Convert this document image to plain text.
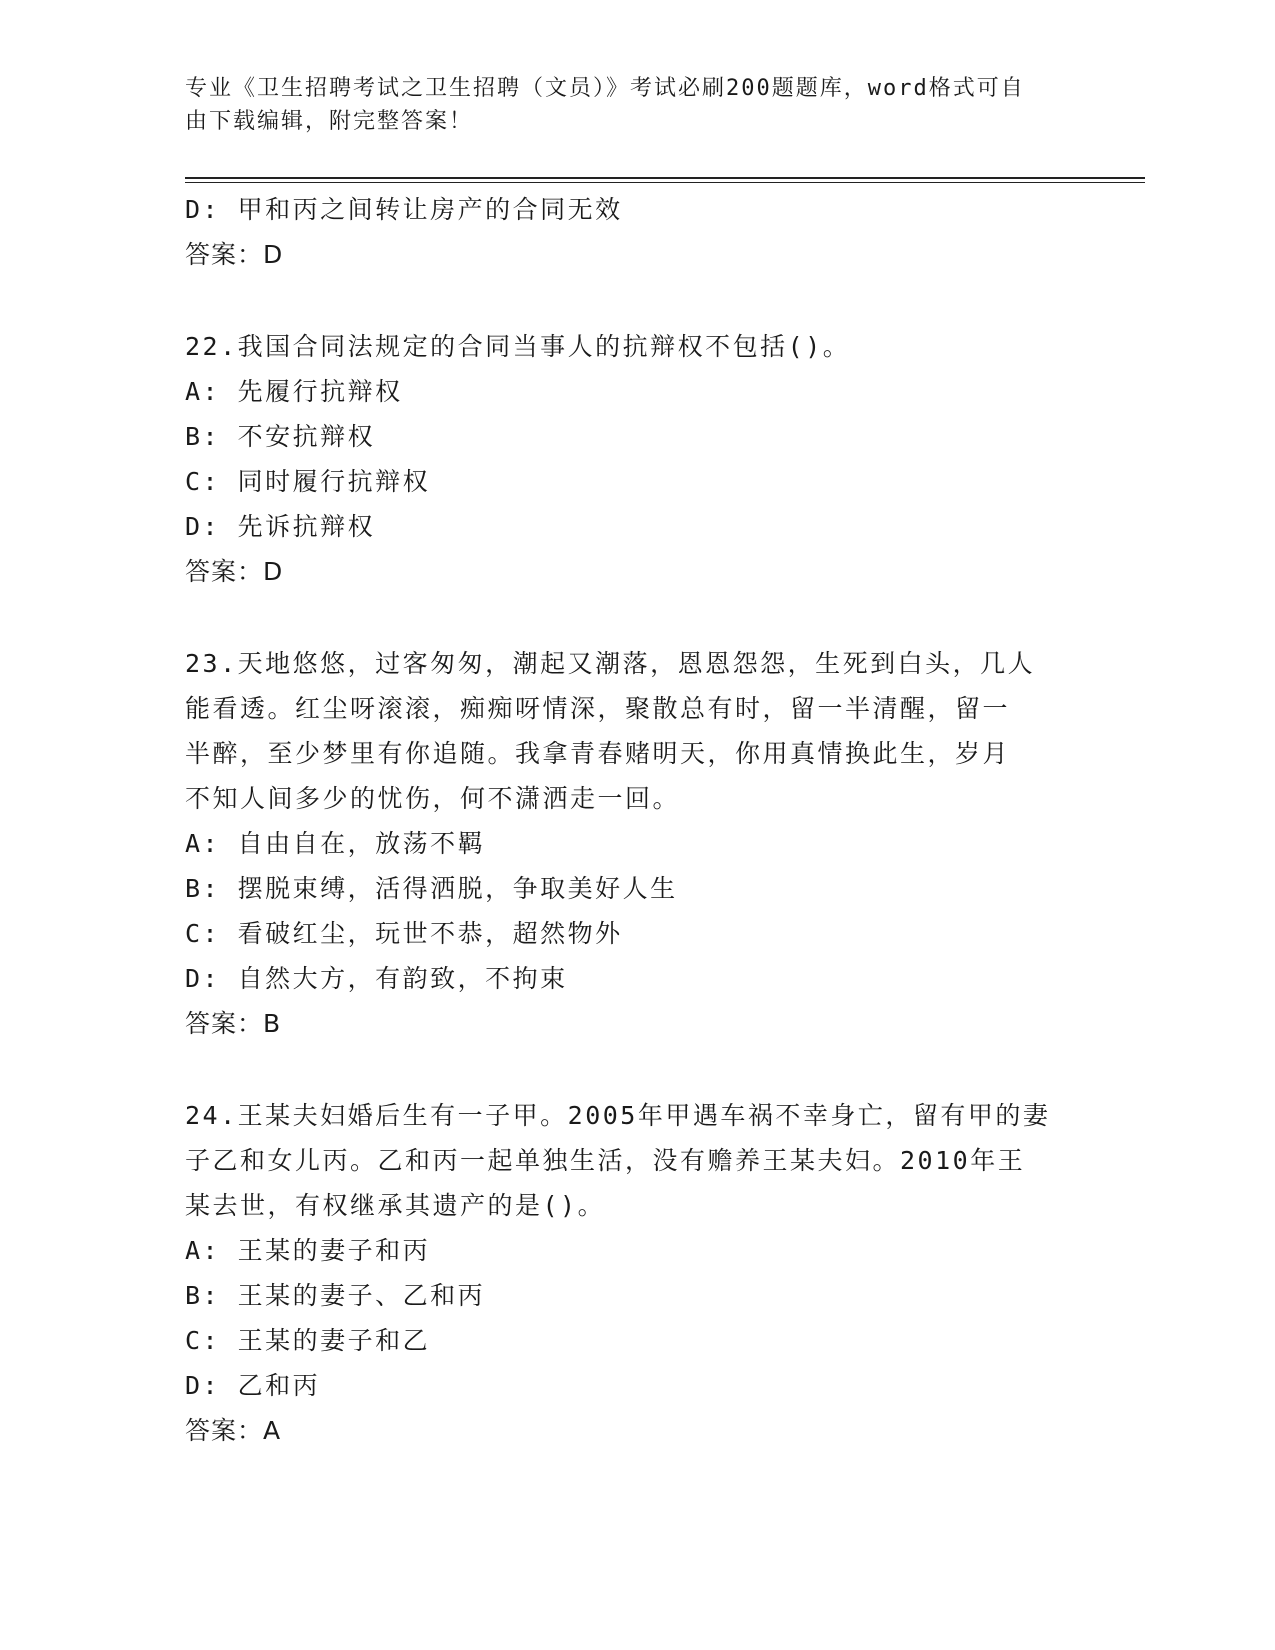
专业《卫生招聘考试之卫生招聘（文员）》考试必刷200题题库，word格式可自
由下载编辑，附完整答案！
D: 甲和丙之间转让房产的合同无效
答案：D
22.我国合同法规定的合同当事人的抗辩权不包括()。
A: 先履行抗辩权
B: 不安抗辩权
C: 同时履行抗辩权
D: 先诉抗辩权
答案：D
23.天地悠悠，过客匆匆，潮起又潮落，恩恩怨怨，生死到白头，几人
能看透。红尘呀滚滚，痴痴呀情深，聚散总有时，留一半清醒，留一
半醉，至少梦里有你追随。我拿青春赌明天，你用真情换此生，岁月
不知人间多少的忧伤，何不潇洒走一回。
A: 自由自在，放荡不羁
B: 摆脱束缚，活得洒脱，争取美好人生
C: 看破红尘，玩世不恭，超然物外
D: 自然大方，有韵致，不拘束
答案：B
24.王某夫妇婚后生有一子甲。2005年甲遇车祸不幸身亡，留有甲的妻
子乙和女儿丙。乙和丙一起单独生活，没有赡养王某夫妇。2010年王
某去世，有权继承其遗产的是()。
A: 王某的妻子和丙
B: 王某的妻子、乙和丙
C: 王某的妻子和乙
D: 乙和丙
答案：A
